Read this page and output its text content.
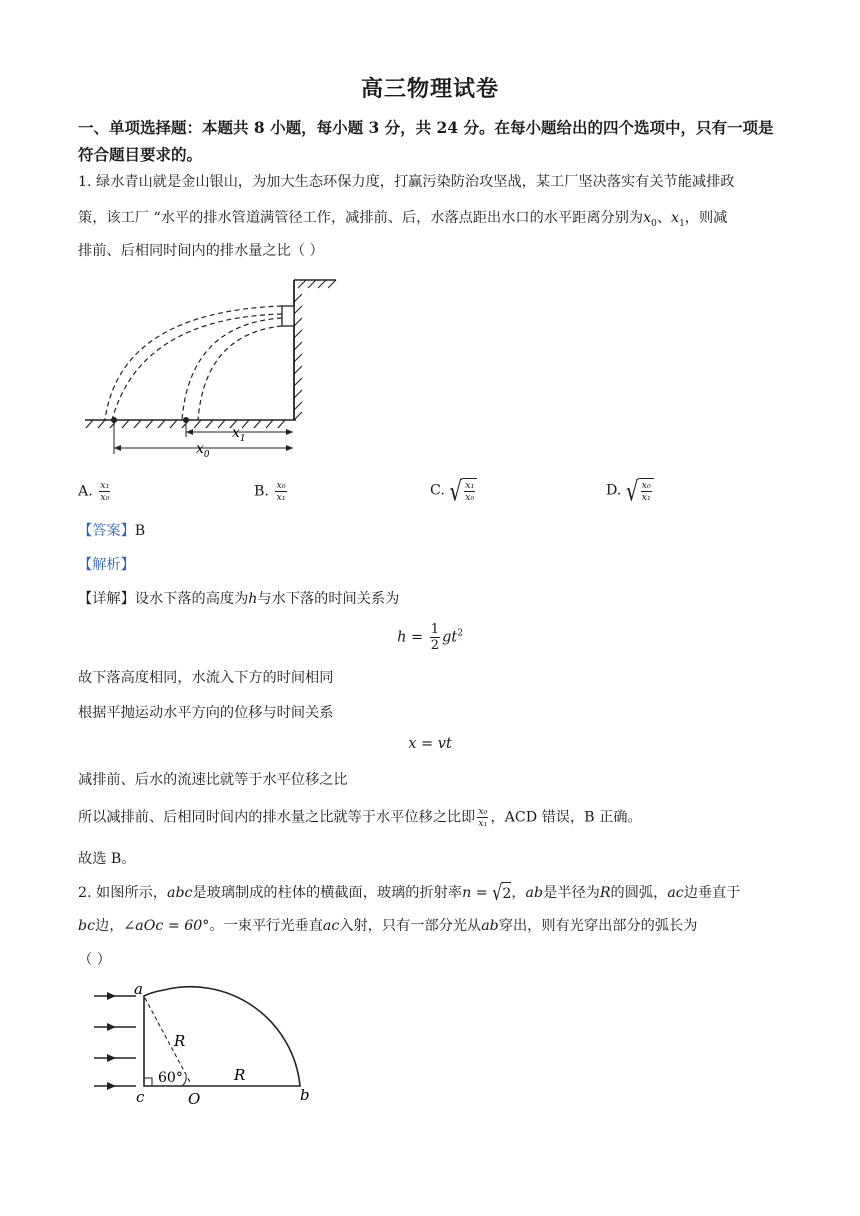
高三物理试卷
一、单项选择题：本题共 8 小题，每小题 3 分，共 24 分。在每小题给出的四个选项中，只有一项是符合题目要求的。
1. 绿水青山就是金山银山，为加大生态环保力度，打赢污染防治攻坚战，某工厂坚决落实有关节能减排政
策，该工厂 “水平的排水管道满管径工作，减排前、后，水落点距出水口的水平距离分别为$x_0$、$x_1$，则减
排前、后相同时间内的排水量之比（ ）
$x_1$
$x_0$
A. $\frac{\text{x₁}}{\text{x₀}}$	B. $\frac{\text{x₀}}{\text{x₁}}$	C. √ $\frac{\text{x₁}}{\text{x₀}}$	D. √ $\frac{\text{x₀}}{\text{x₁}}$
【答案】B
【解析】
【详解】设水下落的高度为h与水下落的时间关系为
$h = \frac{1}{2} gt^2$
故下落高度相同，水流入下方的时间相同
根据平抛运动水平方向的位移与时间关系
x = vt
减排前、后水的流速比就等于水平位移之比
所以减排前、后相同时间内的排水量之比就等于水平位移之比即 $\frac{\text{x₀}}{\text{x₁}}$ ，ACD 错误，B 正确。
故选 B。
2. 如图所示，abc是玻璃制成的柱体的横截面，玻璃的折射率n = √2，ab是半径为R的圆弧，ac边垂直于
bc边，∠aOc = 60°。一束平行光垂直ac入射，只有一部分光从ab穿出，则有光穿出部分的弧长为
（ ）
a
R
60°	R
c	O	b
